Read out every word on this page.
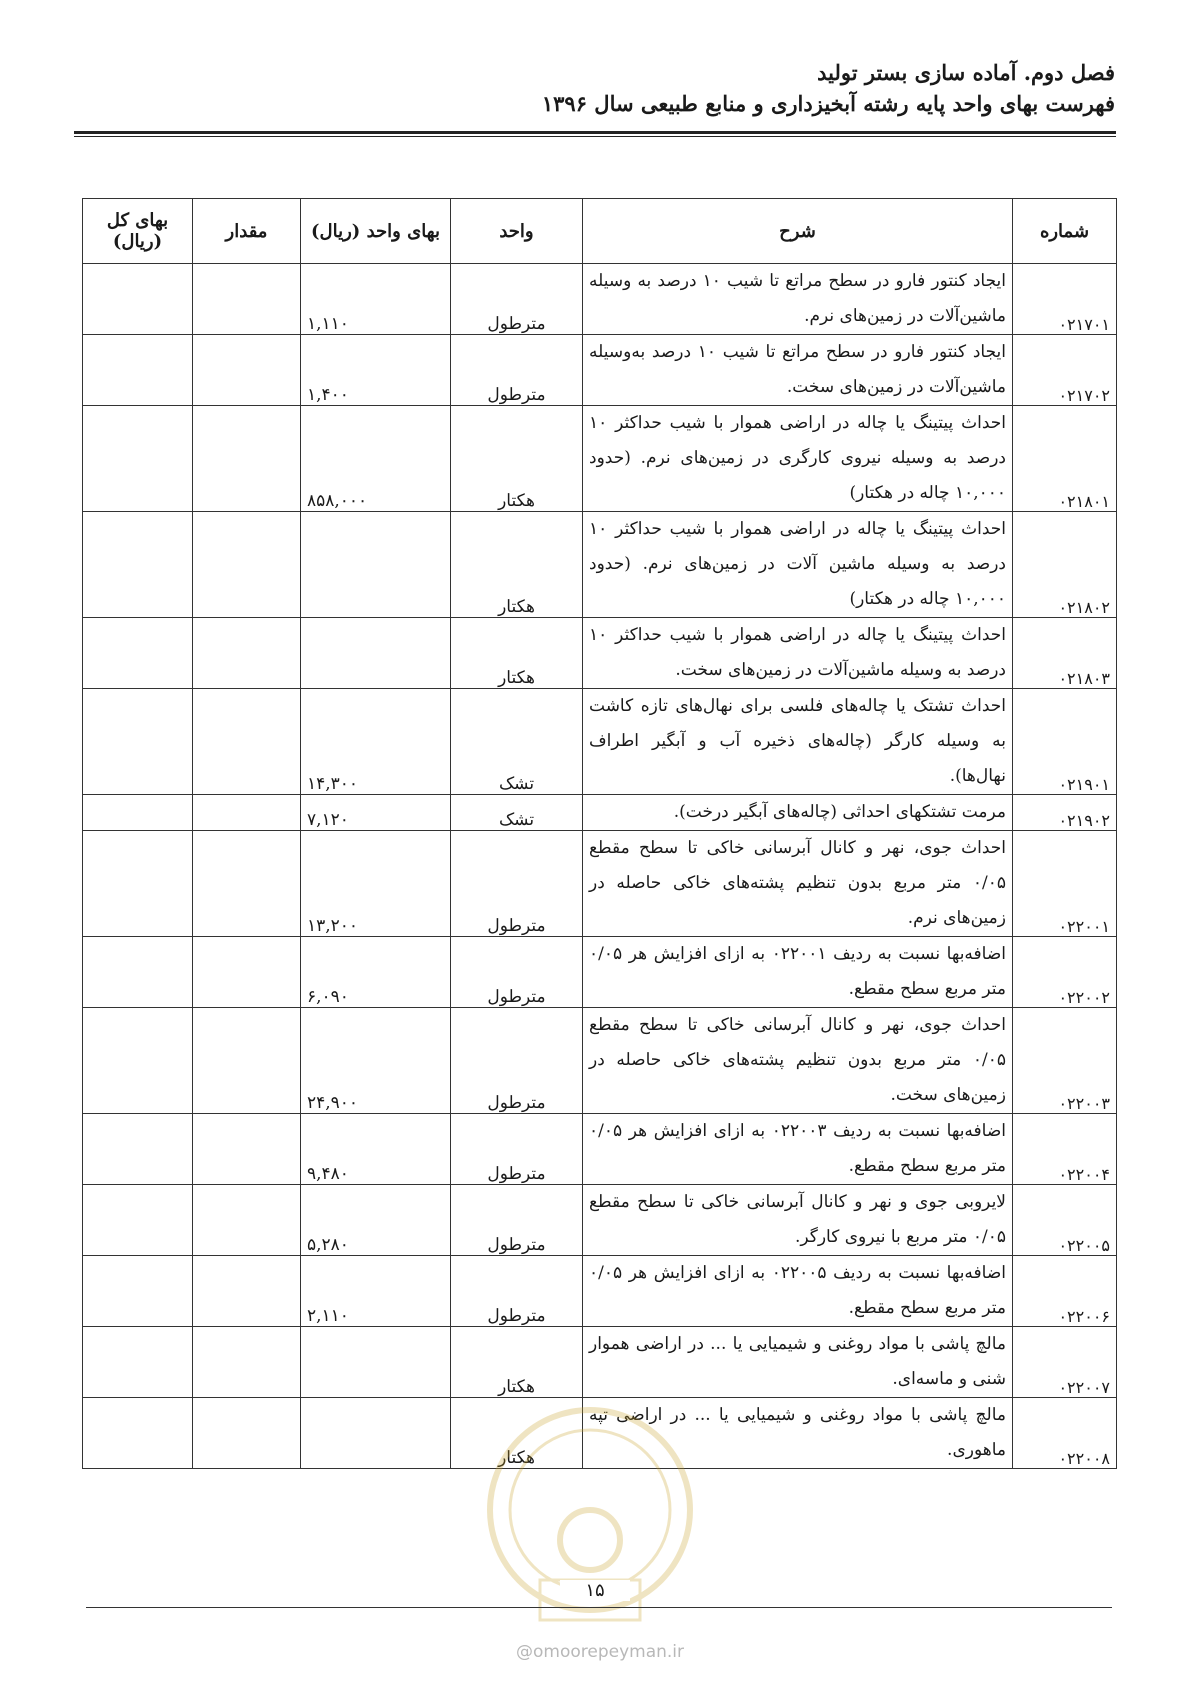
فصل دوم. آماده سازی بستر تولید
فهرست بهای واحد پایه رشته آبخیزداری و منابع طبیعی سال ۱۳۹۶
شماره	شرح	واحد	بهای واحد (ریال)	مقدار	بهای کل (ریال)
۰۲۱۷۰۱	ایجاد کنتور فارو در سطح مراتع تا شیب ۱۰ درصد به وسیله ماشین‌آلات در زمین‌های نرم.	مترطول	۱,۱۱۰		
۰۲۱۷۰۲	ایجاد کنتور فارو در سطح مراتع تا شیب ۱۰ درصد به‌وسیله ماشین‌آلات در زمین‌های سخت.	مترطول	۱,۴۰۰		
۰۲۱۸۰۱	احداث پیتینگ یا چاله در اراضی هموار با شیب حداکثر ۱۰ درصد به وسیله نیروی کارگری در زمین‌های نرم. (حدود ۱۰,۰۰۰ چاله در هکتار)	هکتار	۸۵۸,۰۰۰		
۰۲۱۸۰۲	احداث پیتینگ یا چاله در اراضی هموار با شیب حداکثر ۱۰ درصد به وسیله ماشین آلات در زمین‌های نرم. (حدود ۱۰,۰۰۰ چاله در هکتار)	هکتار			
۰۲۱۸۰۳	احداث پیتینگ یا چاله در اراضی هموار با شیب حداکثر ۱۰ درصد به وسیله ماشین‌آلات در زمین‌های سخت.	هکتار			
۰۲۱۹۰۱	احداث تشتک یا چاله‌های فلسی برای نهال‌های تازه کاشت به وسیله کارگر (چاله‌های ذخیره آب و آبگیر اطراف نهال‌ها).	تشک	۱۴,۳۰۰		
۰۲۱۹۰۲	مرمت تشتکهای احداثی (چاله‌های آبگیر درخت).	تشک	۷,۱۲۰		
۰۲۲۰۰۱	احداث جوی، نهر و کانال آبرسانی خاکی تا سطح مقطع ۰/۰۵ متر مربع بدون تنظیم پشته‌های خاکی حاصله در زمین‌های نرم.	مترطول	۱۳,۲۰۰		
۰۲۲۰۰۲	اضافه‌بها نسبت به ردیف ۰۲۲۰۰۱ به ازای افزایش هر ۰/۰۵ متر مربع سطح مقطع.	مترطول	۶,۰۹۰		
۰۲۲۰۰۳	احداث جوی، نهر و کانال آبرسانی خاکی تا سطح مقطع ۰/۰۵ متر مربع بدون تنظیم پشته‌های خاکی حاصله در زمین‌های سخت.	مترطول	۲۴,۹۰۰		
۰۲۲۰۰۴	اضافه‌بها نسبت به ردیف ۰۲۲۰۰۳ به ازای افزایش هر ۰/۰۵ متر مربع سطح مقطع.	مترطول	۹,۴۸۰		
۰۲۲۰۰۵	لایروبی جوی و نهر و کانال آبرسانی خاکی تا سطح مقطع ۰/۰۵ متر مربع با نیروی کارگر.	مترطول	۵,۲۸۰		
۰۲۲۰۰۶	اضافه‌بها نسبت به ردیف ۰۲۲۰۰۵ به ازای افزایش هر ۰/۰۵ متر مربع سطح مقطع.	مترطول	۲,۱۱۰		
۰۲۲۰۰۷	مالچ پاشی با مواد روغنی و شیمیایی یا ... در اراضی هموار شنی و ماسه‌ای.	هکتار			
۰۲۲۰۰۸	مالچ پاشی با مواد روغنی و شیمیایی یا ... در اراضی تپه ماهوری.	هکتار			
۱۵
@omoorepeyman.ir
